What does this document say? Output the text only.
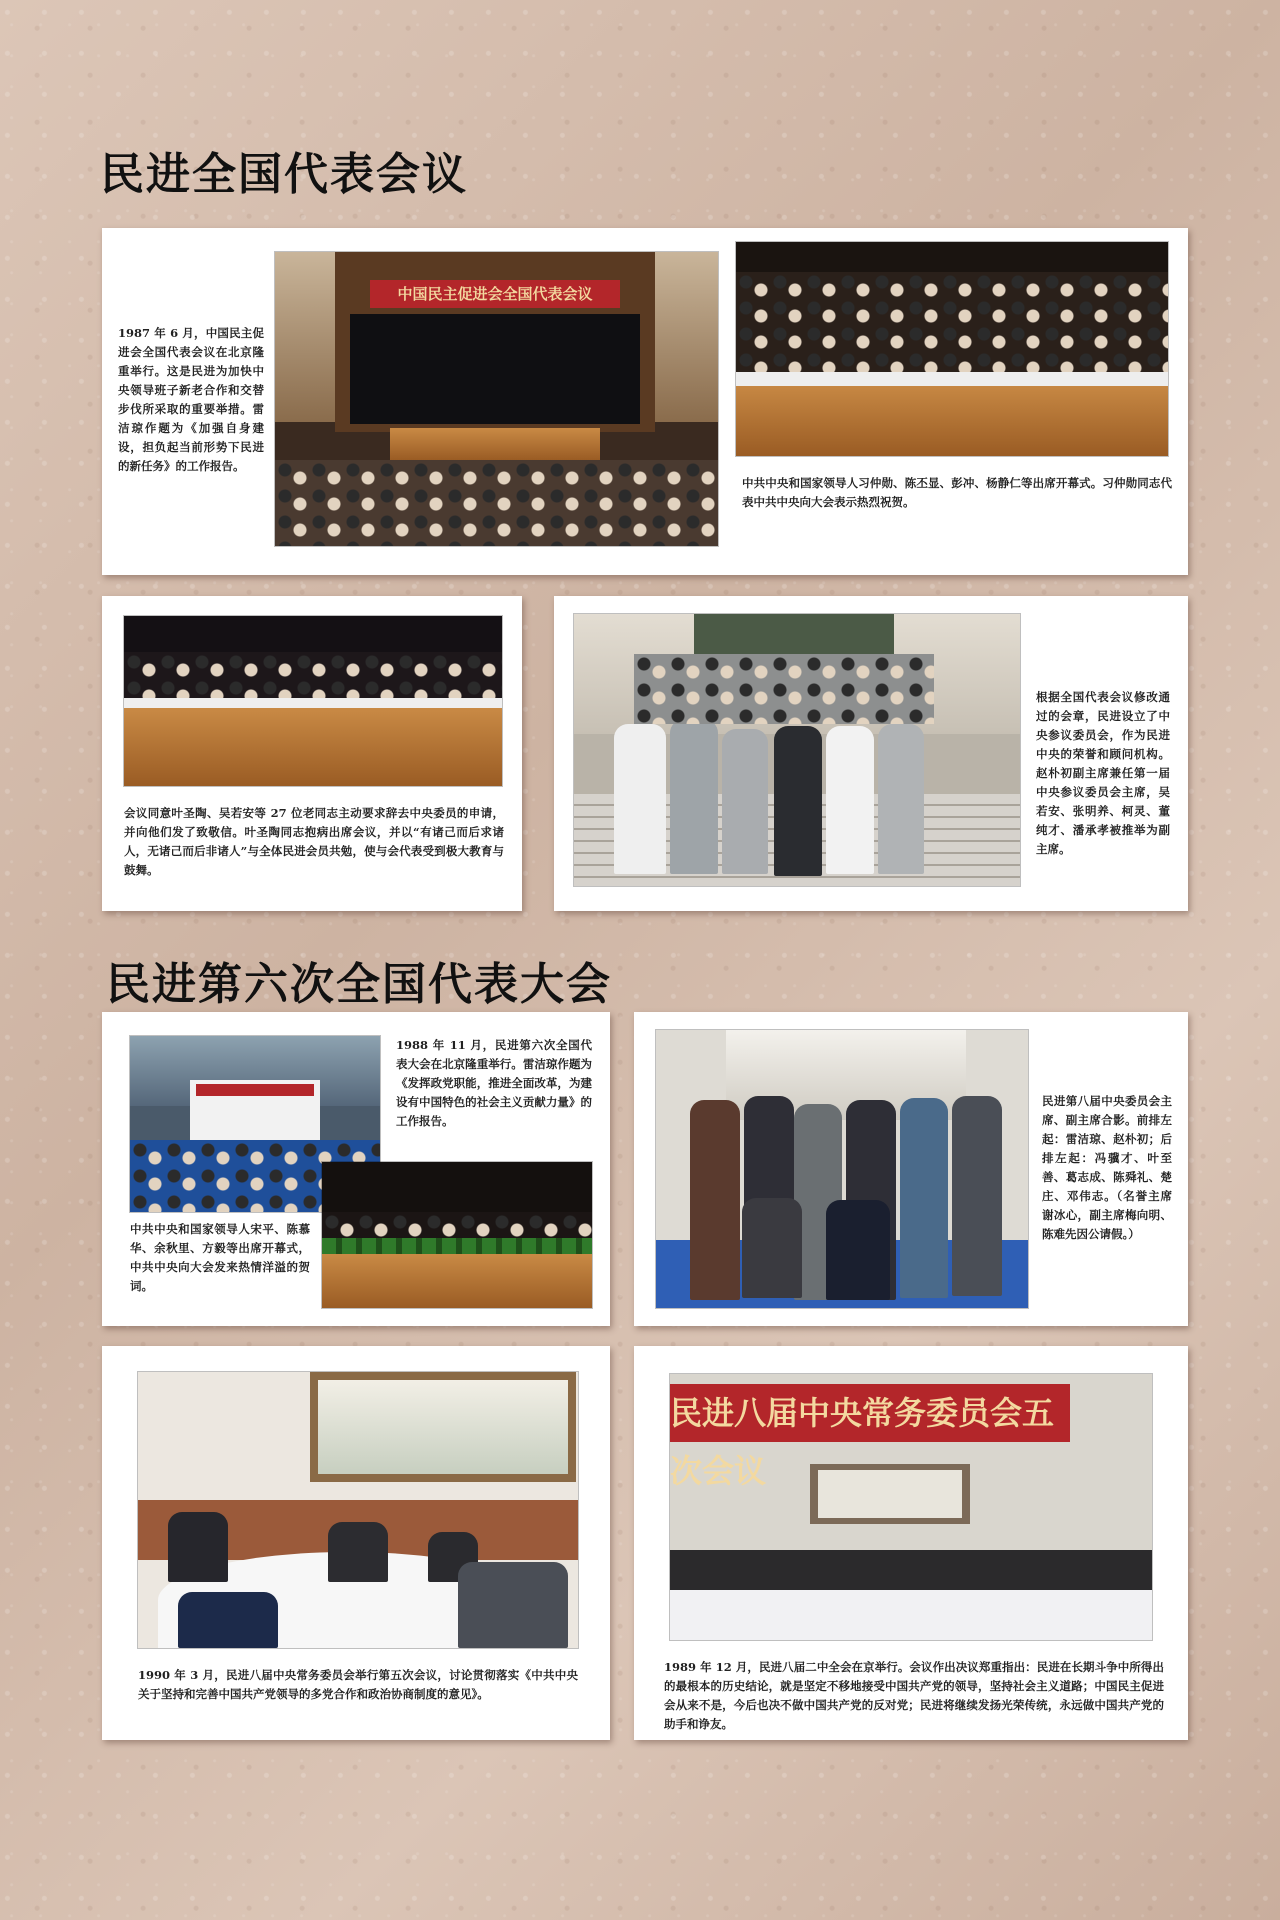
民进全国代表会议

1987 年 6 月，中国民主促进会全国代表会议在北京隆重举行。这是民进为加快中央领导班子新老合作和交替步伐所采取的重要举措。雷洁琼作题为《加强自身建设，担负起当前形势下民进的新任务》的工作报告。

中国民主促进会全国代表会议

中共中央和国家领导人习仲勋、陈丕显、彭冲、杨静仁等出席开幕式。习仲勋同志代表中共中央向大会表示热烈祝贺。

会议同意叶圣陶、吴若安等 27 位老同志主动要求辞去中央委员的申请，并向他们发了致敬信。叶圣陶同志抱病出席会议，并以“有诸己而后求诸人，无诸己而后非诸人”与全体民进会员共勉，使与会代表受到极大教育与鼓舞。

根据全国代表会议修改通过的会章，民进设立了中央参议委员会，作为民进中央的荣誉和顾问机构。赵朴初副主席兼任第一届中央参议委员会主席，吴若安、张明养、柯灵、董纯才、潘承孝被推举为副主席。

民进第六次全国代表大会

1988 年 11 月，民进第六次全国代表大会在北京隆重举行。雷洁琼作题为《发挥政党职能，推进全面改革，为建设有中国特色的社会主义贡献力量》的工作报告。

中共中央和国家领导人宋平、陈慕华、余秋里、方毅等出席开幕式，中共中央向大会发来热情洋溢的贺词。

民进第八届中央委员会主席、副主席合影。前排左起：雷洁琼、赵朴初；后排左起：冯骥才、叶至善、葛志成、陈舜礼、楚庄、邓伟志。（名誉主席谢冰心，副主席梅向明、陈难先因公请假。）

1990 年 3 月，民进八届中央常务委员会举行第五次会议，讨论贯彻落实《中共中央关于坚持和完善中国共产党领导的多党合作和政治协商制度的意见》。

民进八届中央常务委员会五次会议

1989 年 12 月，民进八届二中全会在京举行。会议作出决议郑重指出：民进在长期斗争中所得出的最根本的历史结论，就是坚定不移地接受中国共产党的领导，坚持社会主义道路；中国民主促进会从来不是，今后也决不做中国共产党的反对党；民进将继续发扬光荣传统，永远做中国共产党的助手和诤友。
